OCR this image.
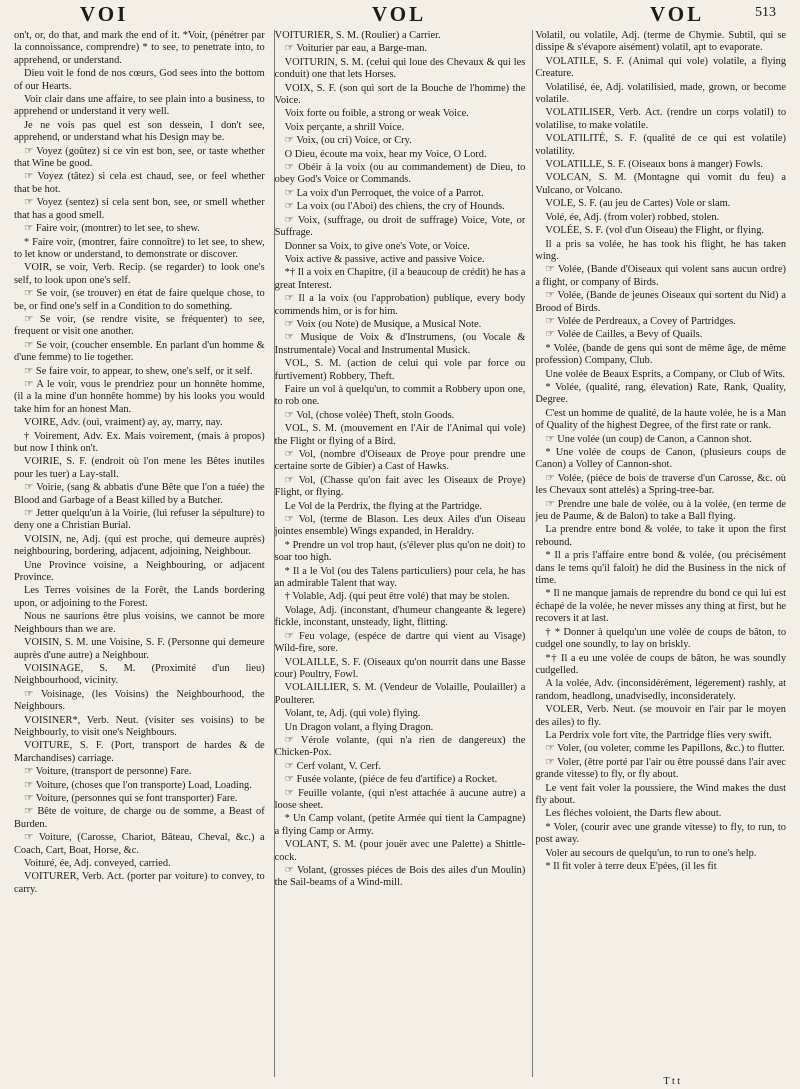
VOI	VOL	VOL	513

on't, or, do that, and mark the end of it. *Voir, (pénétrer par la connoissance, comprendre) * to see, to penetrate into, to apprehend, or understand.

Dieu voit le fond de nos cœurs, God sees into the bottom of our Hearts.

Voir clair dans une affaire, to see plain into a business, to apprehend or understand it very well.

Je ne vois pas quel est son dessein, I don't see, apprehend, or understand what his Design may be.

☞ Voyez (goûtez) si ce vin est bon, see, or taste whether that Wine be good.

☞ Voyez (tâtez) si cela est chaud, see, or feel whether that be hot.

☞ Voyez (sentez) si cela sent bon, see, or smell whether that has a good smell.

☞ Faire voir, (montrer) to let see, to shew.

* Faire voir, (montrer, faire connoître) to let see, to shew, to let know or understand, to demonstrate or discover.

VOIR, se voir, Verb. Recip. (se regarder) to look one's self, to look upon one's self.

☞ Se voir, (se trouver) en état de faire quelque chose, to be, or find one's self in a Condition to do something.

☞ Se voir, (se rendre visite, se fréquenter) to see, frequent or visit one another.

☞ Se voir, (coucher ensemble. En parlant d'un homme & d'une femme) to lie together.

☞ Se faire voir, to appear, to shew, one's self, or it self.

☞ A le voir, vous le prendriez pour un honnête homme, (il a la mine d'un honnête homme) by his looks you would take him for an honest Man.

VOIRE, Adv. (oui, vraiment) ay, ay, marry, nay.

† Voirement, Adv. Ex. Mais voirement, (mais à propos) but now I think on't.

VOIRIE, S. F. (endroit où l'on mene les Bêtes inutiles pour les tuer) a Lay-stall.

☞ Voirie, (sang & abbatis d'une Bête que l'on a tuée) the Blood and Garbage of a Beast killed by a Butcher.

☞ Jetter quelqu'un à la Voirie, (lui refuser la sépulture) to deny one a Christian Burial.

VOISIN, ne, Adj. (qui est proche, qui demeure auprès) neighbouring, bordering, adjacent, adjoining, Neighbour.

Une Province voisine, a Neighbouring, or adjacent Province.

Les Terres voisines de la Forêt, the Lands bordering upon, or adjoining to the Forest.

Nous ne saurions être plus voisins, we cannot be more Neighbours than we are.

VOISIN, S. M. une Voisine, S. F. (Personne qui demeure auprès d'une autre) a Neighbour.

VOISINAGE, S. M. (Proximité d'un lieu) Neighbourhood, vicinity.

☞ Voisinage, (les Voisins) the Neighbourhood, the Neighbours.

VOISINER*, Verb. Neut. (visiter ses voisins) to be Neighbourly, to visit one's Neighbours.

VOITURE, S. F. (Port, transport de hardes & de Marchandises) carriage.

☞ Voiture, (transport de personne) Fare.

☞ Voiture, (choses que l'on transporte) Load, Loading.

☞ Voiture, (personnes qui se font transporter) Fare.

☞ Bête de voiture, de charge ou de somme, a Beast of Burden.

☞ Voiture, (Carosse, Chariot, Bâteau, Cheval, &c.) a Coach, Cart, Boat, Horse, &c.

Voituré, ée, Adj. conveyed, carried.

VOITURER, Verb. Act. (porter par voiture) to convey, to carry.

VOITURIER, S. M. (Roulier) a Carrier.

☞ Voiturier par eau, a Barge-man.

VOITURIN, S. M. (celui qui loue des Chevaux & qui les conduit) one that lets Horses.

VOIX, S. F. (son qui sort de la Bouche de l'homme) the Voice.

Voix forte ou foible, a strong or weak Voice.

Voix perçante, a shrill Voice.

☞ Voix, (ou cri) Voice, or Cry.

O Dieu, écoute ma voix, hear my Voice, O Lord.

☞ Obéir à la voix (ou au commandement) de Dieu, to obey God's Voice or Commands.

☞ La voix d'un Perroquet, the voice of a Parrot.

☞ La voix (ou l'Aboi) des chiens, the cry of Hounds.

☞ Voix, (suffrage, ou droit de suffrage) Voice, Vote, or Suffrage.

Donner sa Voix, to give one's Vote, or Voice.

Voix active & passive, active and passive Voice.

*† Il a voix en Chapitre, (il a beaucoup de crédit) he has a great Interest.

☞ Il a la voix (ou l'approbation) publique, every body commends him, or is for him.

☞ Voix (ou Note) de Musique, a Musical Note.

☞ Musique de Voix & d'Instrumens, (ou Vocale & Instrumentale) Vocal and Instrumental Musick.

VOL, S. M. (action de celui qui vole par force ou furtivement) Robbery, Theft.

Faire un vol à quelqu'un, to commit a Robbery upon one, to rob one.

☞ Vol, (chose volée) Theft, stoln Goods.

VOL, S. M. (mouvement en l'Air de l'Animal qui vole) the Flight or flying of a Bird.

☞ Vol, (nombre d'Oiseaux de Proye pour prendre une certaine sorte de Gibier) a Cast of Hawks.

☞ Vol, (Chasse qu'on fait avec les Oiseaux de Proye) Flight, or flying.

Le Vol de la Perdrix, the flying at the Partridge.

☞ Vol, (terme de Blason. Les deux Ailes d'un Oiseau jointes ensemble) Wings expanded, in Heraldry.

* Prendre un vol trop haut, (s'élever plus qu'on ne doit) to soar too high.

* Il a le Vol (ou des Talens particuliers) pour cela, he has an admirable Talent that way.

† Volable, Adj. (qui peut être volé) that may be stolen.

Volage, Adj. (inconstant, d'humeur changeante & legere) fickle, inconstant, unsteady, light, flitting.

☞ Feu volage, (espéce de dartre qui vient au Visage) Wild-fire, sore.

VOLAILLE, S. F. (Oiseaux qu'on nourrit dans une Basse cour) Poultry, Fowl.

VOLAILLIER, S. M. (Vendeur de Volaille, Poulailler) a Poulterer.

Volant, te, Adj. (qui vole) flying.

Un Dragon volant, a flying Dragon.

☞ Vérole volante, (qui n'a rien de dangereux) the Chicken-Pox.

☞ Cerf volant, V. Cerf.

☞ Fusée volante, (piéce de feu d'artifice) a Rocket.

☞ Feuille volante, (qui n'est attachée à aucune autre) a loose sheet.

* Un Camp volant, (petite Armée qui tient la Campagne) a flying Camp or Army.

VOLANT, S. M. (pour jouër avec une Palette) a Shittle-cock.

☞ Volant, (grosses piéces de Bois des ailes d'un Moulin) the Sail-beams of a Wind-mill.

Volatil, ou volatile, Adj. (terme de Chymie. Subtil, qui se dissipe & s'évapore aisément) volatil, apt to evaporate.

VOLATILE, S. F. (Animal qui vole) volatile, a flying Creature.

Volatilisé, ée, Adj. volatilisied, made, grown, or become volatile.

VOLATILISER, Verb. Act. (rendre un corps volatil) to volatilise, to make volatile.

VOLATILITÉ, S. F. (qualité de ce qui est volatile) volatility.

VOLATILLE, S. F. (Oiseaux bons à manger) Fowls.

VOLCAN, S. M. (Montagne qui vomit du feu) a Vulcano, or Volcano.

VOLE, S. F. (au jeu de Cartes) Vole or slam.

Volé, ée, Adj. (from voler) robbed, stolen.

VOLÉE, S. F. (vol d'un Oiseau) the Flight, or flying.

Il a pris sa volée, he has took his flight, he has taken wing.

☞ Volée, (Bande d'Oiseaux qui volent sans aucun ordre) a flight, or company of Birds.

☞ Volée, (Bande de jeunes Oiseaux qui sortent du Nid) a Brood of Birds.

☞ Volée de Perdreaux, a Covey of Partridges.

☞ Volée de Cailles, a Bevy of Quails.

* Volée, (bande de gens qui sont de même âge, de même profession) Company, Club.

Une volée de Beaux Esprits, a Company, or Club of Wits.

* Volée, (qualité, rang, élevation) Rate, Rank, Quality, Degree.

C'est un homme de qualité, de la haute volée, he is a Man of Quality of the highest Degree, of the first rate or rank.

☞ Une volée (un coup) de Canon, a Cannon shot.

* Une volée de coups de Canon, (plusieurs coups de Canon) a Volley of Cannon-shot.

☞ Volée, (piéce de bois de traverse d'un Carosse, &c. où les Chevaux sont attelés) a Spring-tree-bar.

☞ Prendre une bale de volée, ou à la volée, (en terme de jeu de Paume, & de Balon) to take a Ball flying.

La prendre entre bond & volée, to take it upon the first rebound.

* Il a pris l'affaire entre bond & volée, (ou précisément dans le tems qu'il faloit) he did the Business in the nick of time.

* Il ne manque jamais de reprendre du bond ce qui lui est échapé de la volée, he never misses any thing at first, but he recovers it at last.

† * Donner à quelqu'un une volée de coups de bâton, to cudgel one soundly, to lay on briskly.

*† Il a eu une volée de coups de bâton, he was soundly cudgelled.

A la volée, Adv. (inconsidérément, légerement) rashly, at random, headlong, unadvisedly, inconsiderately.

VOLER, Verb. Neut. (se mouvoir en l'air par le moyen des ailes) to fly.

La Perdrix vole fort vîte, the Partridge flies very swift.

☞ Voler, (ou voleter, comme les Papillons, &c.) to flutter.

☞ Voler, (être porté par l'air ou être poussé dans l'air avec grande vitesse) to fly, or fly about.

Le vent fait voler la poussiere, the Wind makes the dust fly about.

Les fléches voloient, the Darts flew about.

* Voler, (courir avec une grande vitesse) to fly, to run, to post away.

Voler au secours de quelqu'un, to run to one's help.

* Il fit voler à terre deux E'pées, (il les fit

T t t
